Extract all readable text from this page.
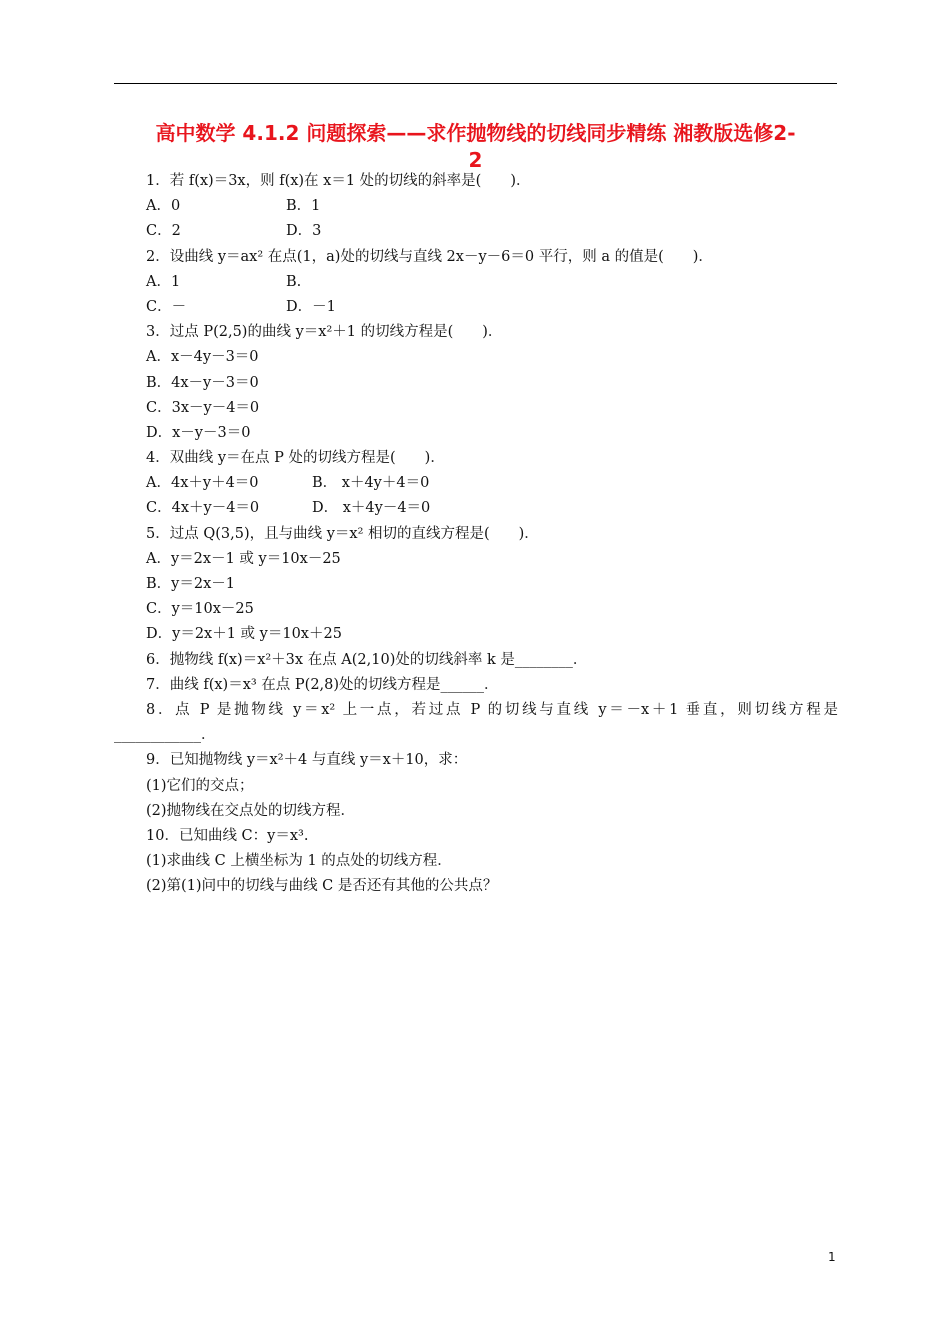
高中数学 4.1.2 问题探索——求作抛物线的切线同步精练 湘教版选修2-
2
1．若 f(x)＝3x，则 f(x)在 x＝1 处的切线的斜率是(　　)．
A．0	B．1
C．2	D．3
2．设曲线 y＝ax² 在点(1，a)处的切线与直线 2x－y－6＝0 平行，则 a 的值是(　　)．
A．1	B.
C．－	D．－1
3．过点 P(2,5)的曲线 y＝x²＋1 的切线方程是(　　)．
A．x－4y－3＝0
B．4x－y－3＝0
C．3x－y－4＝0
D．x－y－3＝0
4．双曲线 y＝在点 P 处的切线方程是(　　)．
A．4x＋y＋4＝0	B． x＋4y＋4＝0
C．4x＋y－4＝0	D． x＋4y－4＝0
5．过点 Q(3,5)，且与曲线 y＝x² 相切的直线方程是(　　)．
A．y＝2x－1 或 y＝10x－25
B．y＝2x－1
C．y＝10x－25
D．y＝2x＋1 或 y＝10x＋25
6．抛物线 f(x)＝x²＋3x 在点 A(2,10)处的切线斜率 k 是________．
7．曲线 f(x)＝x³ 在点 P(2,8)处的切线方程是______．
8．点 P 是抛物线 y＝x² 上一点，若过点 P 的切线与直线 y＝－x＋1 垂直，则切线方程是
____________．
9．已知抛物线 y＝x²＋4 与直线 y＝x＋10，求：
(1)它们的交点；
(2)抛物线在交点处的切线方程．
10．已知曲线 C：y＝x³.
(1)求曲线 C 上横坐标为 1 的点处的切线方程．
(2)第(1)问中的切线与曲线 C 是否还有其他的公共点？
1
